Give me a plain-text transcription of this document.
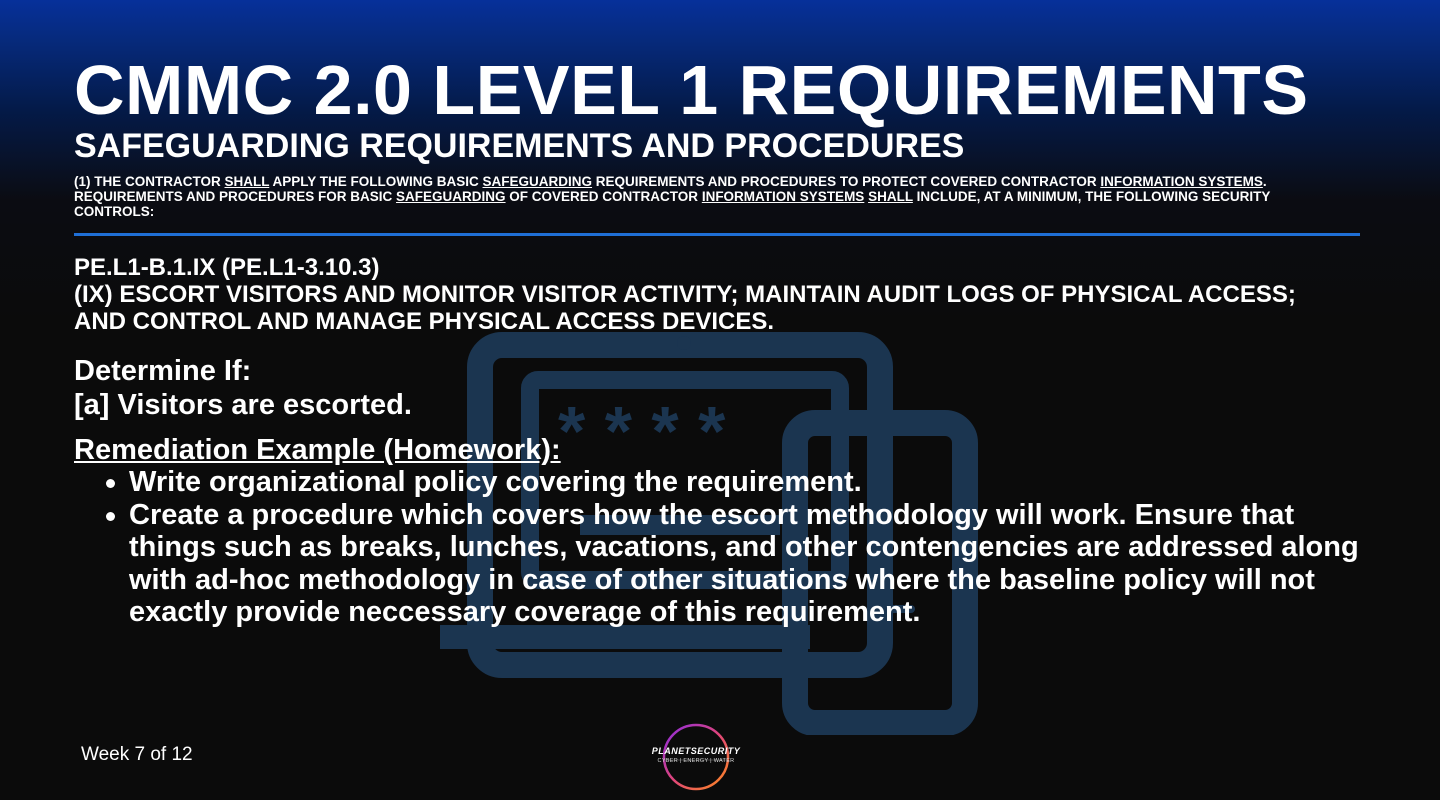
* * * *
CMMC 2.0 LEVEL 1 REQUIREMENTS
SAFEGUARDING REQUIREMENTS AND PROCEDURES
(1) THE CONTRACTOR SHALL APPLY THE FOLLOWING BASIC SAFEGUARDING REQUIREMENTS AND PROCEDURES TO PROTECT COVERED CONTRACTOR INFORMATION SYSTEMS. REQUIREMENTS AND PROCEDURES FOR BASIC SAFEGUARDING OF COVERED CONTRACTOR INFORMATION SYSTEMS SHALL INCLUDE, AT A MINIMUM, THE FOLLOWING SECURITY CONTROLS:
PE.L1-B.1.IX (PE.L1-3.10.3)
(IX) ESCORT VISITORS AND MONITOR VISITOR ACTIVITY; MAINTAIN AUDIT LOGS OF PHYSICAL ACCESS; AND CONTROL AND MANAGE PHYSICAL ACCESS DEVICES.
Determine If:
[a] Visitors are escorted.
Remediation Example (Homework):
Write organizational policy covering the requirement.
Create a procedure which covers how the escort methodology will work. Ensure that things such as breaks, lunches, vacations, and other contengencies are addressed along with ad-hoc methodology in case of other situations where the baseline policy will not exactly provide neccessary coverage of this requirement.
Week 7 of 12	PLANETSECURITY
CYBER | ENERGY | WATER
